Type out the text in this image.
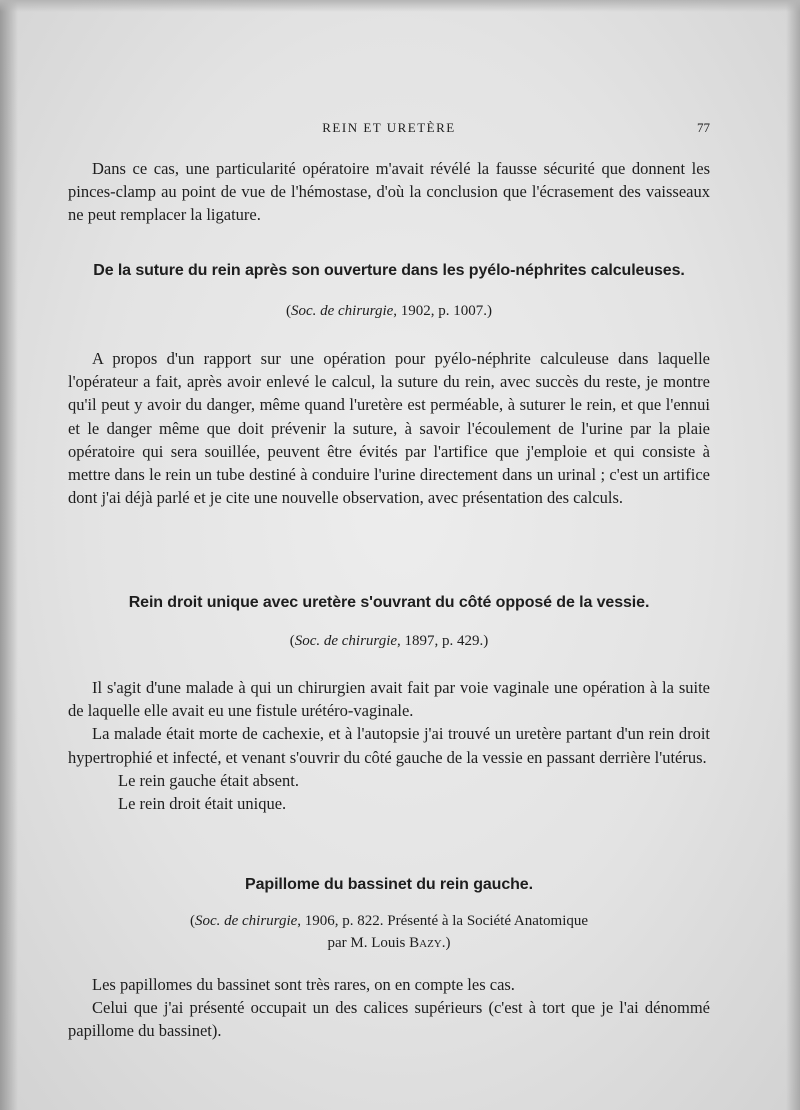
REIN ET URETÈRE	77

Dans ce cas, une particularité opératoire m'avait révélé la fausse sécurité que donnent les pinces-clamp au point de vue de l'hémostase, d'où la conclusion que l'écrasement des vaisseaux ne peut remplacer la ligature.

De la suture du rein après son ouverture dans les pyélo-néphrites calculeuses.

(Soc. de chirurgie, 1902, p. 1007.)

A propos d'un rapport sur une opération pour pyélo-néphrite calculeuse dans laquelle l'opérateur a fait, après avoir enlevé le calcul, la suture du rein, avec succès du reste, je montre qu'il peut y avoir du danger, même quand l'uretère est perméable, à suturer le rein, et que l'ennui et le danger même que doit prévenir la suture, à savoir l'écoulement de l'urine par la plaie opératoire qui sera souillée, peuvent être évités par l'artifice que j'emploie et qui consiste à mettre dans le rein un tube destiné à conduire l'urine directement dans un urinal ; c'est un artifice dont j'ai déjà parlé et je cite une nouvelle observation, avec présentation des calculs.

Rein droit unique avec uretère s'ouvrant du côté opposé de la vessie.

(Soc. de chirurgie, 1897, p. 429.)

Il s'agit d'une malade à qui un chirurgien avait fait par voie vaginale une opération à la suite de laquelle elle avait eu une fistule urétéro-vaginale.

La malade était morte de cachexie, et à l'autopsie j'ai trouvé un uretère partant d'un rein droit hypertrophié et infecté, et venant s'ouvrir du côté gauche de la vessie en passant derrière l'utérus.

Le rein gauche était absent.

Le rein droit était unique.

Papillome du bassinet du rein gauche.

(Soc. de chirurgie, 1906, p. 822. Présenté à la Société Anatomique
par M. Louis Bazy.)

Les papillomes du bassinet sont très rares, on en compte les cas.

Celui que j'ai présenté occupait un des calices supérieurs (c'est à tort que je l'ai dénommé papillome du bassinet).
